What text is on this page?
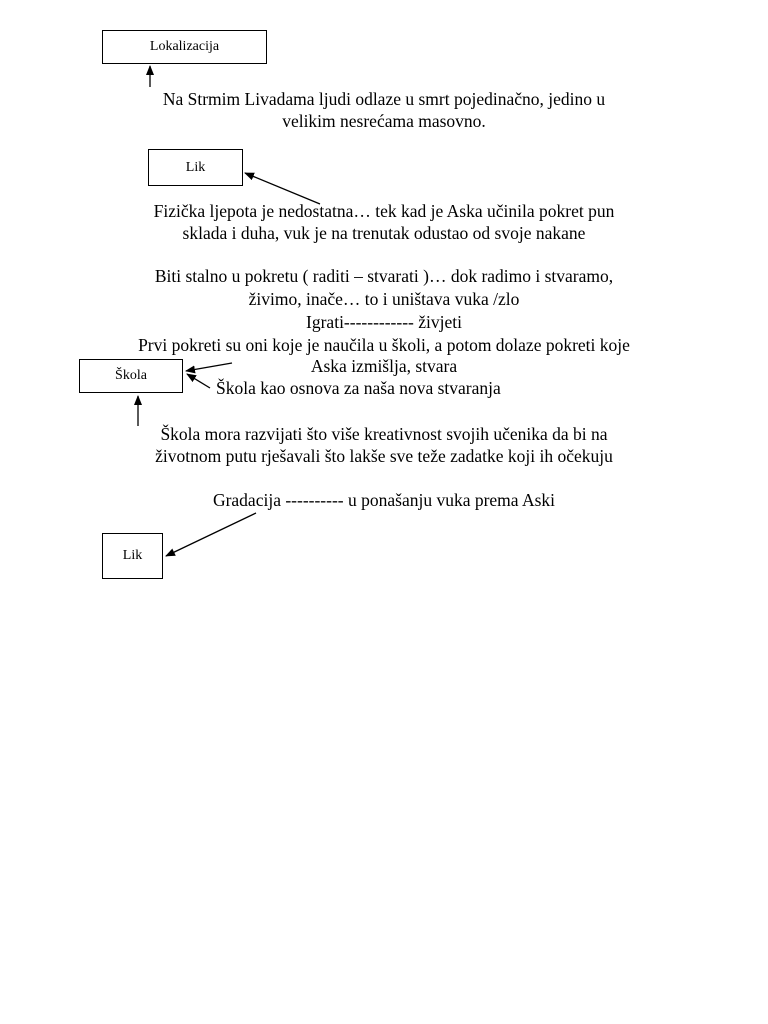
Lokalizacija
Lik
Škola
Lik
Na Strmim Livadama ljudi odlaze u smrt pojedinačno, jedino u
velikim nesrećama masovno.
Fizička ljepota je nedostatna… tek kad je Aska učinila pokret pun
sklada i duha, vuk je na trenutak odustao od svoje nakane
Biti stalno u pokretu ( raditi – stvarati )… dok radimo i stvaramo,
živimo, inače… to i uništava vuka /zlo
Igrati------------ živjeti
Prvi pokreti su oni koje je naučila u školi, a potom dolaze pokreti koje
Aska izmišlja, stvara
Škola kao osnova za naša nova stvaranja
Škola mora razvijati što više kreativnost svojih učenika da bi na
životnom putu rješavali što lakše sve teže zadatke koji ih očekuju
Gradacija ---------- u ponašanju vuka prema Aski
